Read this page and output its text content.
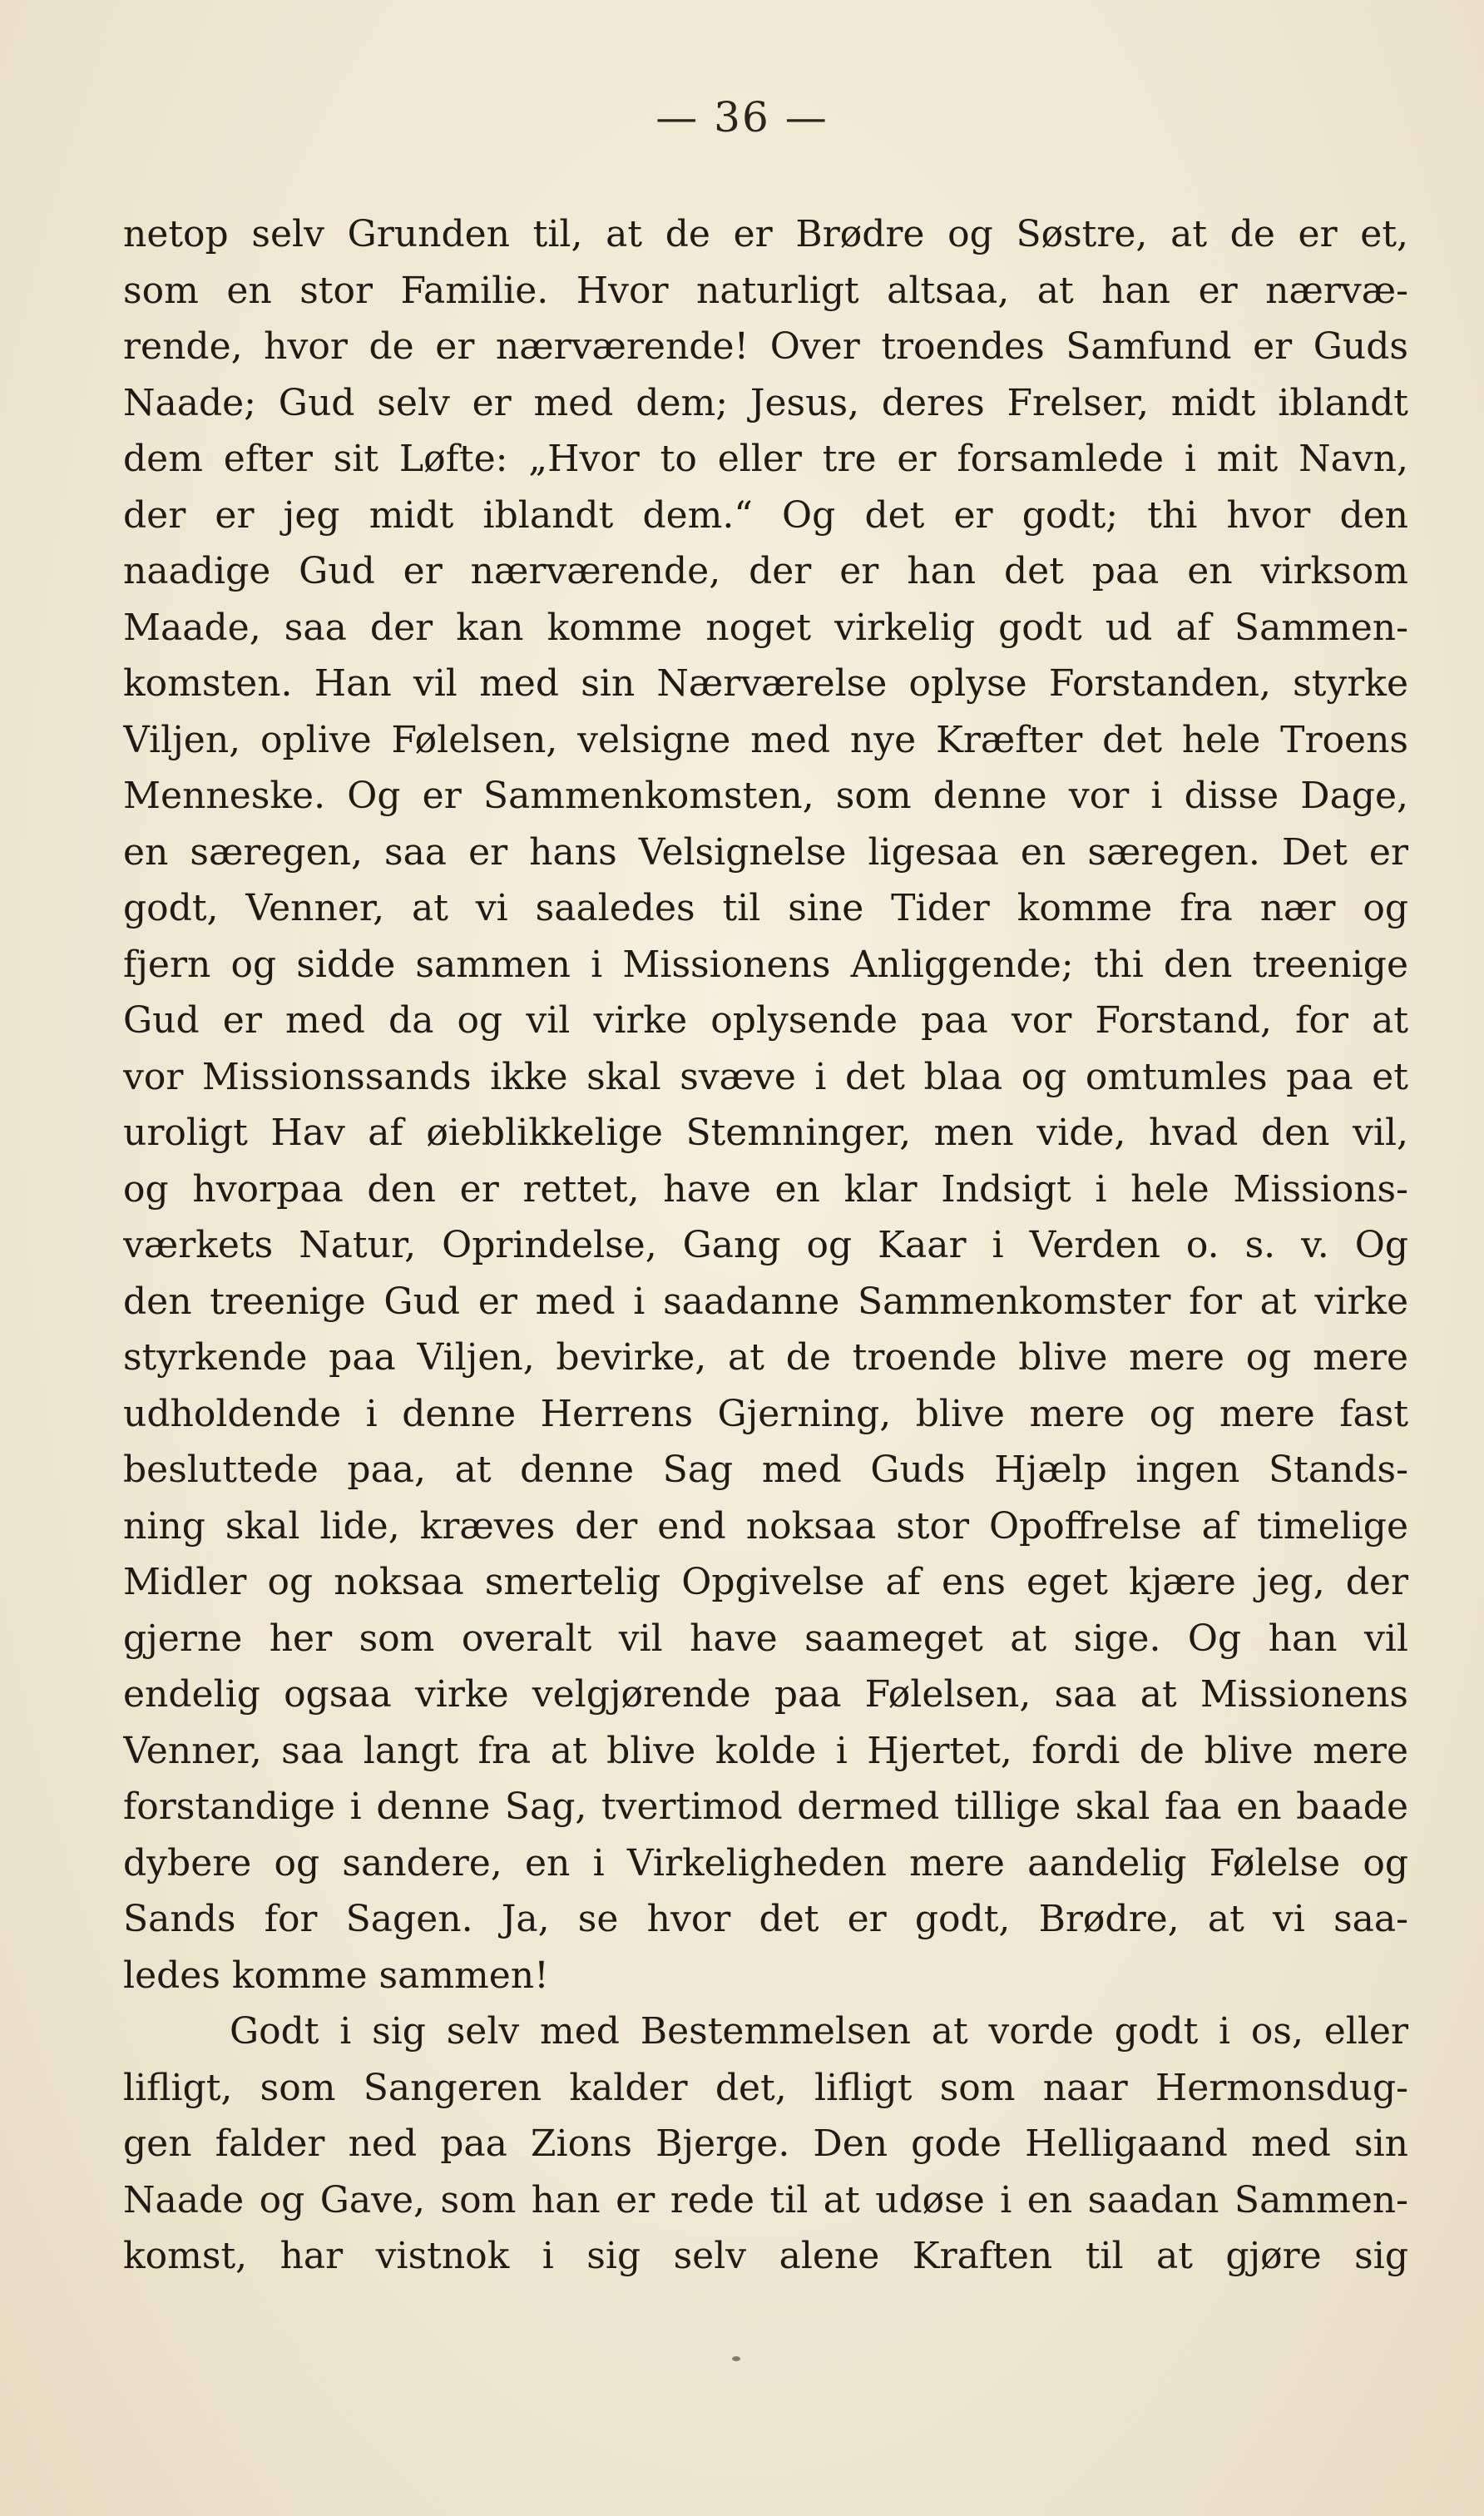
— 36 —
netop selv Grunden til, at de er Brødre og Søstre, at de er et,
som en stor Familie. Hvor naturligt altsaa, at han er nærvæ-
rende, hvor de er nærværende! Over troendes Samfund er Guds
Naade; Gud selv er med dem; Jesus, deres Frelser, midt iblandt
dem efter sit Løfte: „Hvor to eller tre er forsamlede i mit Navn,
der er jeg midt iblandt dem.“ Og det er godt; thi hvor den
naadige Gud er nærværende, der er han det paa en virksom
Maade, saa der kan komme noget virkelig godt ud af Sammen-
komsten. Han vil med sin Nærværelse oplyse Forstanden, styrke
Viljen, oplive Følelsen, velsigne med nye Kræfter det hele Troens
Menneske. Og er Sammenkomsten, som denne vor i disse Dage,
en særegen, saa er hans Velsignelse ligesaa en særegen. Det er
godt, Venner, at vi saaledes til sine Tider komme fra nær og
fjern og sidde sammen i Missionens Anliggende; thi den treenige
Gud er med da og vil virke oplysende paa vor Forstand, for at
vor Missionssands ikke skal svæve i det blaa og omtumles paa et
uroligt Hav af øieblikkelige Stemninger, men vide, hvad den vil,
og hvorpaa den er rettet, have en klar Indsigt i hele Missions-
værkets Natur, Oprindelse, Gang og Kaar i Verden o. s. v. Og
den treenige Gud er med i saadanne Sammenkomster for at virke
styrkende paa Viljen, bevirke, at de troende blive mere og mere
udholdende i denne Herrens Gjerning, blive mere og mere fast
besluttede paa, at denne Sag med Guds Hjælp ingen Stands-
ning skal lide, kræves der end noksaa stor Opoffrelse af timelige
Midler og noksaa smertelig Opgivelse af ens eget kjære jeg, der
gjerne her som overalt vil have saameget at sige. Og han vil
endelig ogsaa virke velgjørende paa Følelsen, saa at Missionens
Venner, saa langt fra at blive kolde i Hjertet, fordi de blive mere
forstandige i denne Sag, tvertimod dermed tillige skal faa en baade
dybere og sandere, en i Virkeligheden mere aandelig Følelse og
Sands for Sagen. Ja, se hvor det er godt, Brødre, at vi saa-
ledes komme sammen!
Godt i sig selv med Bestemmelsen at vorde godt i os, eller
lifligt, som Sangeren kalder det, lifligt som naar Hermonsdug-
gen falder ned paa Zions Bjerge. Den gode Helligaand med sin
Naade og Gave, som han er rede til at udøse i en saadan Sammen-
komst, har vistnok i sig selv alene Kraften til at gjøre sig
